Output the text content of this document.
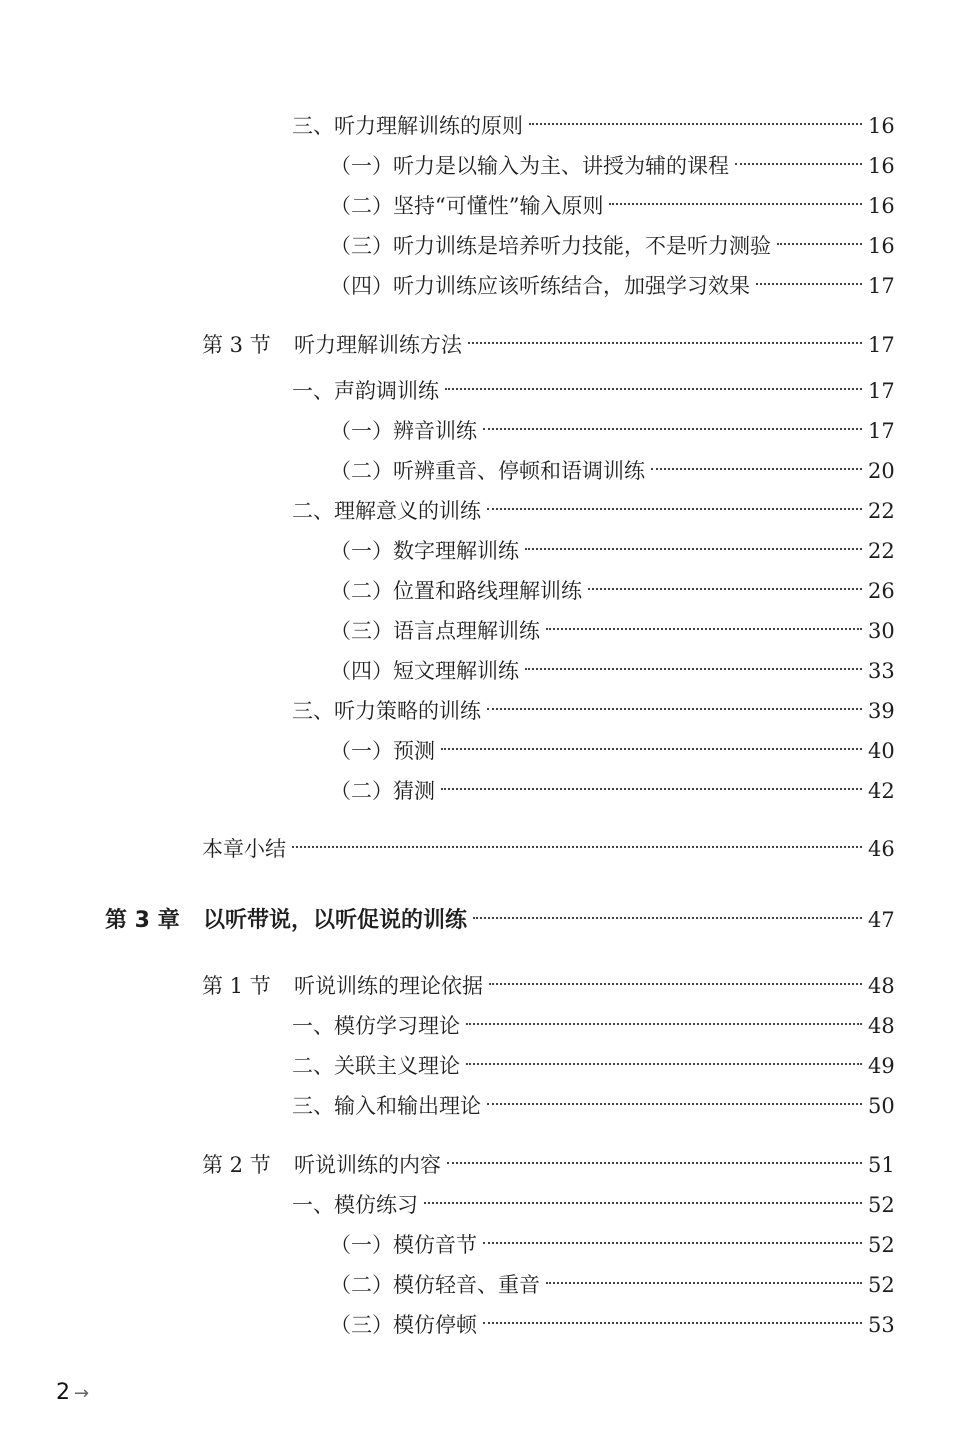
三、听力理解训练的原则	16
（一）听力是以输入为主、讲授为辅的课程	16
（二）坚持“可懂性”输入原则	16
（三）听力训练是培养听力技能，不是听力测验	16
（四）听力训练应该听练结合，加强学习效果	17
第 3 节	听力理解训练方法	17
一、声韵调训练	17
（一）辨音训练	17
（二）听辨重音、停顿和语调训练	20
二、理解意义的训练	22
（一）数字理解训练	22
（二）位置和路线理解训练	26
（三）语言点理解训练	30
（四）短文理解训练	33
三、听力策略的训练	39
（一）预测	40
（二）猜测	42
本章小结	46
第 3 章	以听带说，以听促说的训练	47
第 1 节	听说训练的理论依据	48
一、模仿学习理论	48
二、关联主义理论	49
三、输入和输出理论	50
第 2 节	听说训练的内容	51
一、模仿练习	52
（一）模仿音节	52
（二）模仿轻音、重音	52
（三）模仿停顿	53
2 →
